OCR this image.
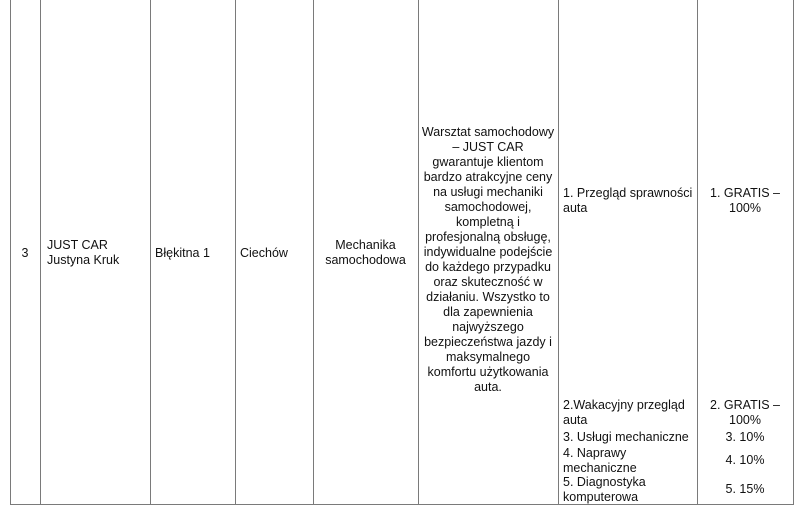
3
JUST CAR
Justyna Kruk	Błękitna 1	Ciechów
Mechanika
samochodowa
Warsztat samochodowy
– JUST CAR
gwarantuje klientom
bardzo atrakcyjne ceny
na usługi mechaniki
samochodowej,
kompletną i
profesjonalną obsługę,
indywidualne podejście
do każdego przypadku
oraz skuteczność w
działaniu. Wszystko to
dla zapewnienia
najwyższego
bezpieczeństwa jazdy i
maksymalnego
komfortu użytkowania
auta.
1. Przegląd sprawności
auta
2.Wakacyjny przegląd
auta
3. Usługi mechaniczne
4. Naprawy
mechaniczne
5. Diagnostyka
komputerowa
1. GRATIS –
100%
2. GRATIS –
100%
3. 10%
4. 10%
5. 15%
